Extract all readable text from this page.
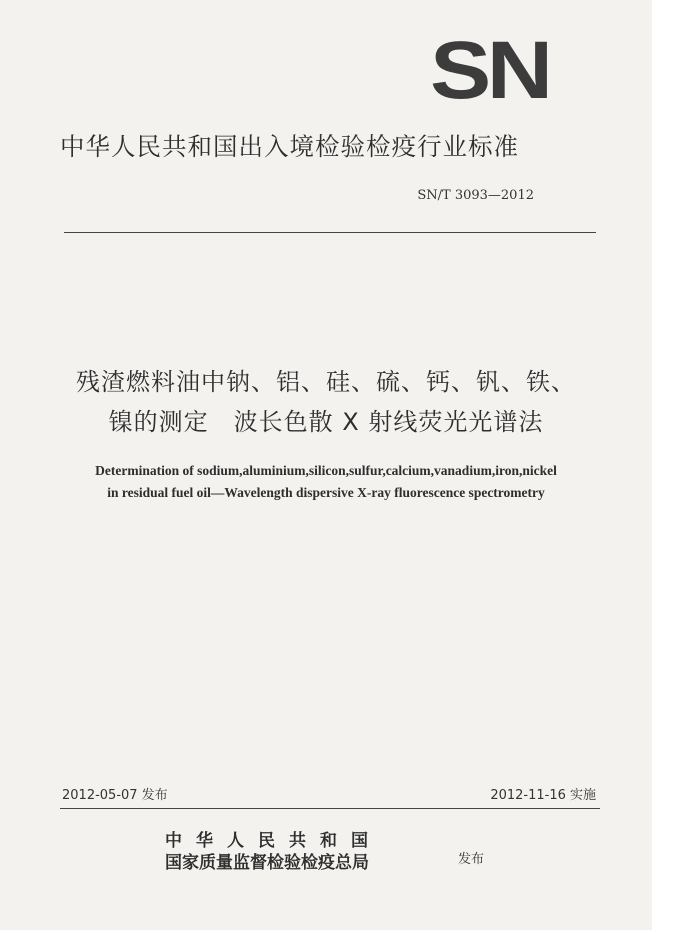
SN
中华人民共和国出入境检验检疫行业标准
SN/T 3093—2012
残渣燃料油中钠、铝、硅、硫、钙、钒、铁、
镍的测定　波长色散 X 射线荧光光谱法
Determination of sodium,aluminium,silicon,sulfur,calcium,vanadium,iron,nickel
in residual fuel oil—Wavelength dispersive X-ray fluorescence spectrometry
2012-05-07 发布	2012-11-16 实施
中华人民共和国
国家质量监督检验检疫总局	发布
